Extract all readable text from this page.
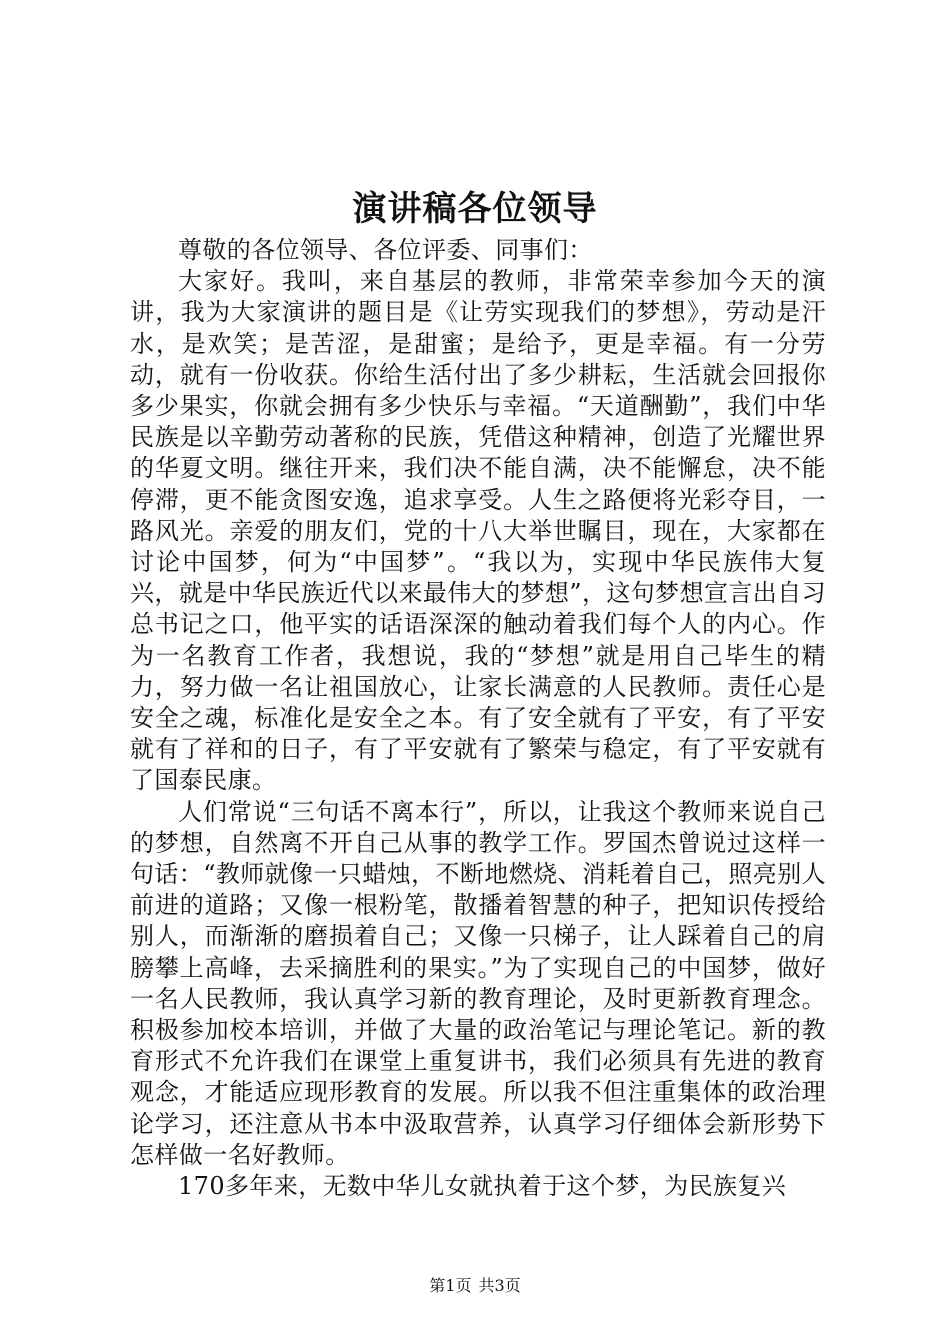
演讲稿各位领导

尊敬的各位领导、各位评委、同事们：

大家好。我叫，来自基层的教师，非常荣幸参加今天的演讲，我为大家演讲的题目是《让劳实现我们的梦想》，劳动是汗水，是欢笑；是苦涩，是甜蜜；是给予，更是幸福。有一分劳动，就有一份收获。你给生活付出了多少耕耘，生活就会回报你多少果实，你就会拥有多少快乐与幸福。“天道酬勤”，我们中华民族是以辛勤劳动著称的民族，凭借这种精神，创造了光耀世界的华夏文明。继往开来，我们决不能自满，决不能懈怠，决不能停滞，更不能贪图安逸，追求享受。人生之路便将光彩夺目，一路风光。亲爱的朋友们，党的十八大举世瞩目，现在，大家都在讨论中国梦，何为“中国梦”。“我以为，实现中华民族伟大复兴，就是中华民族近代以来最伟大的梦想”，这句梦想宣言出自习总书记之口，他平实的话语深深的触动着我们每个人的内心。作为一名教育工作者，我想说，我的“梦想”就是用自己毕生的精力，努力做一名让祖国放心，让家长满意的人民教师。责任心是安全之魂，标准化是安全之本。有了安全就有了平安，有了平安就有了祥和的日子，有了平安就有了繁荣与稳定，有了平安就有了国泰民康。

人们常说“三句话不离本行”，所以，让我这个教师来说自己的梦想，自然离不开自己从事的教学工作。罗国杰曾说过这样一句话：“教师就像一只蜡烛，不断地燃烧、消耗着自己，照亮别人前进的道路；又像一根粉笔，散播着智慧的种子，把知识传授给别人，而渐渐的磨损着自己；又像一只梯子，让人踩着自己的肩膀攀上高峰，去采摘胜利的果实。”为了实现自己的中国梦，做好一名人民教师，我认真学习新的教育理论，及时更新教育理念。积极参加校本培训，并做了大量的政治笔记与理论笔记。新的教育形式不允许我们在课堂上重复讲书，我们必须具有先进的教育观念，才能适应现形教育的发展。所以我不但注重集体的政治理论学习，还注意从书本中汲取营养，认真学习仔细体会新形势下怎样做一名好教师。

170多年来，无数中华儿女就执着于这个梦，为民族复兴

第1页 共3页
